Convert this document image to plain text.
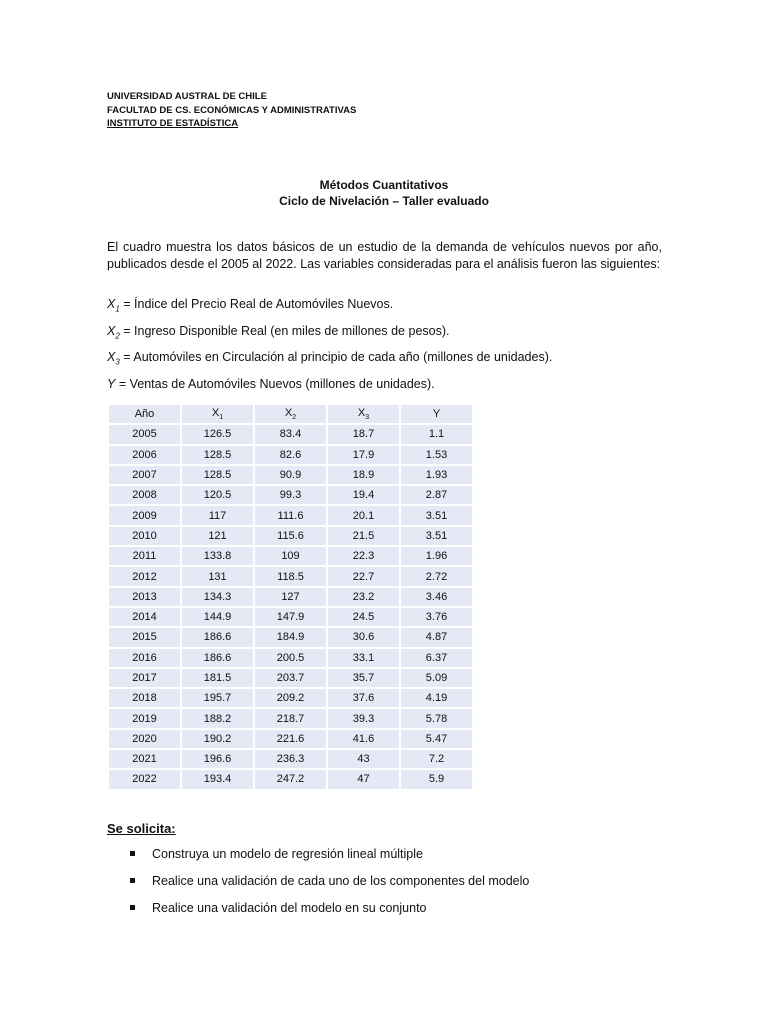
UNIVERSIDAD AUSTRAL DE CHILE
FACULTAD DE CS. ECONÓMICAS Y ADMINISTRATIVAS
INSTITUTO DE ESTADÍSTICA
Métodos Cuantitativos
Ciclo de Nivelación – Taller evaluado

El cuadro muestra los datos básicos de un estudio de la demanda de vehículos nuevos por año, publicados desde el 2005 al 2022. Las variables consideradas para el análisis fueron las siguientes:

$X_1$ = Índice del Precio Real de Automóviles Nuevos.
$X_2$ = Ingreso Disponible Real (en miles de millones de pesos).
$X_3$ = Automóviles en Circulación al principio de cada año (millones de unidades).
Y = Ventas de Automóviles Nuevos (millones de unidades).
Año	$X_1$	$X_2$	$X_3$	Y
2005	126.5	83.4	18.7	1.1
2006	128.5	82.6	17.9	1.53
2007	128.5	90.9	18.9	1.93
2008	120.5	99.3	19.4	2.87
2009	117	111.6	20.1	3.51
2010	121	115.6	21.5	3.51
2011	133.8	109	22.3	1.96
2012	131	118.5	22.7	2.72
2013	134.3	127	23.2	3.46
2014	144.9	147.9	24.5	3.76
2015	186.6	184.9	30.6	4.87
2016	186.6	200.5	33.1	6.37
2017	181.5	203.7	35.7	5.09
2018	195.7	209.2	37.6	4.19
2019	188.2	218.7	39.3	5.78
2020	190.2	221.6	41.6	5.47
2021	196.6	236.3	43	7.2
2022	193.4	247.2	47	5.9
Se solicita:
Construya un modelo de regresión lineal múltiple
Realice una validación de cada uno de los componentes del modelo
Realice una validación del modelo en su conjunto
